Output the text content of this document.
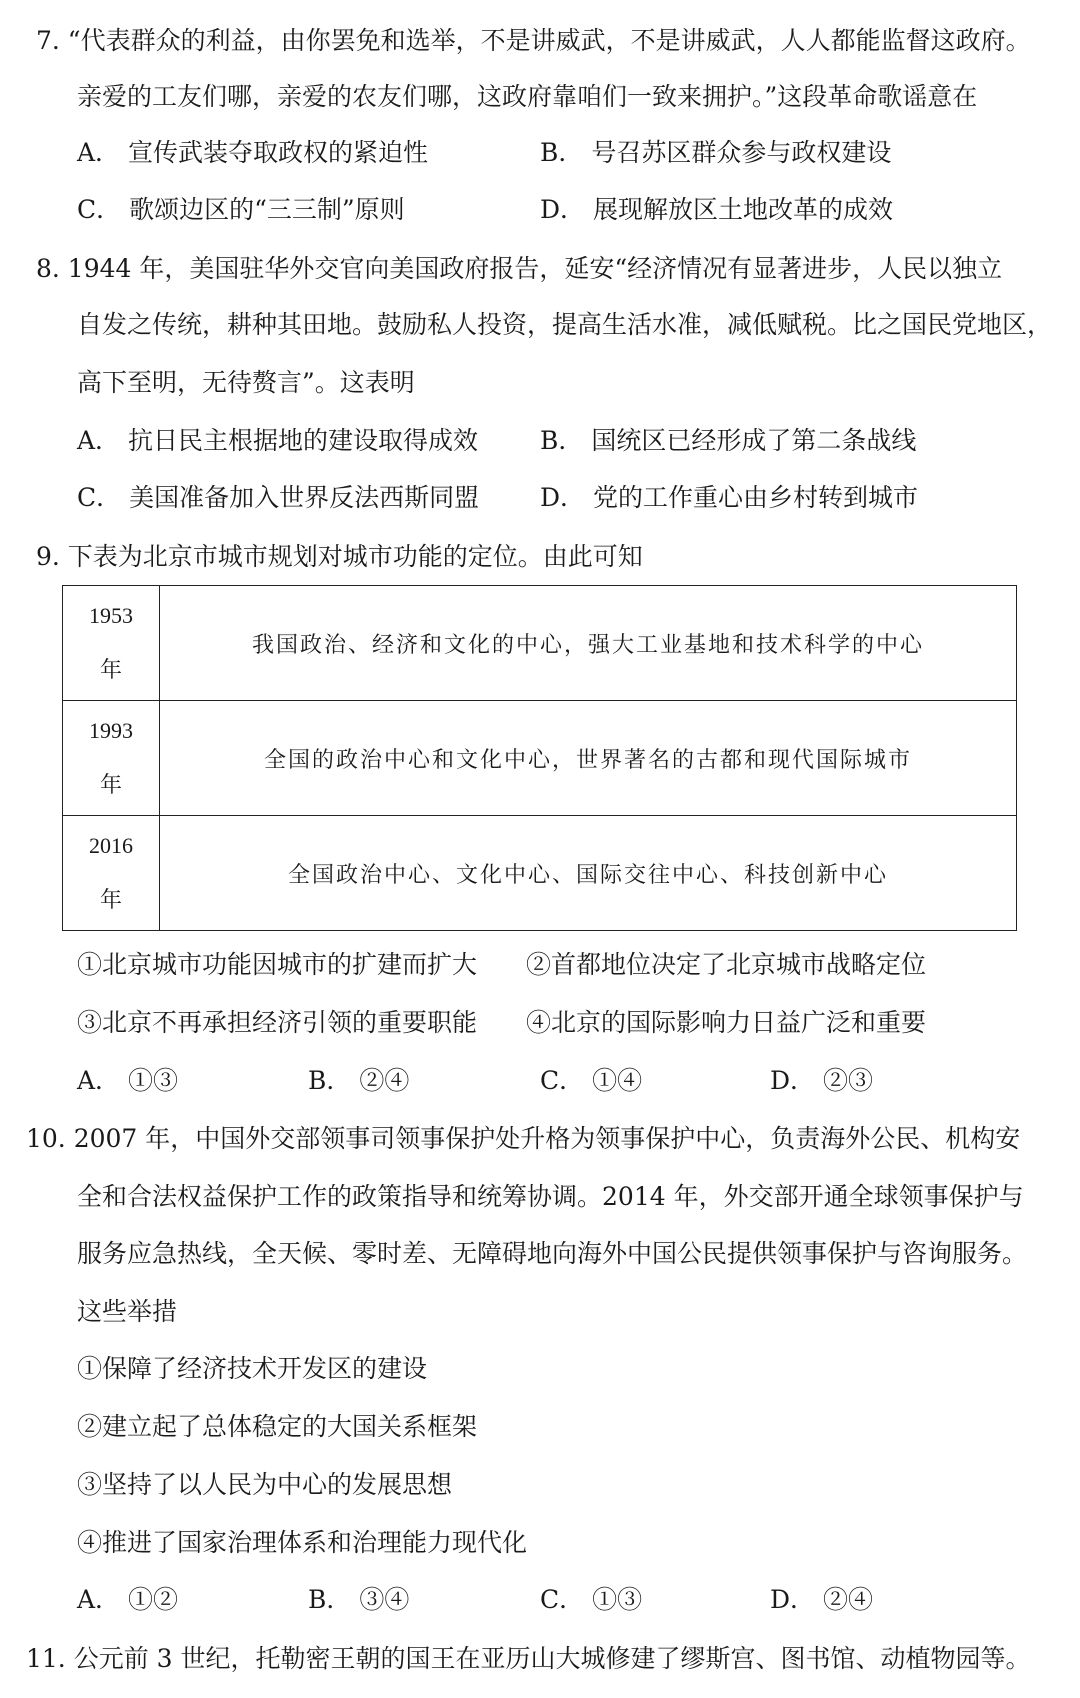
7. “代表群众的利益，由你罢免和选举，不是讲威武，不是讲威武，人人都能监督这政府。
亲爱的工友们哪，亲爱的农友们哪，这政府靠咱们一致来拥护。”这段革命歌谣意在
A． 宣传武装夺取政权的紧迫性	B． 号召苏区群众参与政权建设
C． 歌颂边区的“三三制”原则	D． 展现解放区土地改革的成效
8. 1944 年，美国驻华外交官向美国政府报告，延安“经济情况有显著进步，人民以独立
自发之传统，耕种其田地。鼓励私人投资，提高生活水准，减低赋税。比之国民党地区，
高下至明，无待赘言”。这表明
A． 抗日民主根据地的建设取得成效 B． 国统区已经形成了第二条战线
C． 美国准备加入世界反法西斯同盟 D． 党的工作重心由乡村转到城市
9. 下表为北京市城市规划对城市功能的定位。由此可知
1953
年	我国政治、经济和文化的中心，强大工业基地和技术科学的中心
1993
年	全国的政治中心和文化中心，世界著名的古都和现代国际城市
2016
年	全国政治中心、文化中心、国际交往中心、科技创新中心
①北京城市功能因城市的扩建而扩大 ②首都地位决定了北京城市战略定位
③北京不再承担经济引领的重要职能 ④北京的国际影响力日益广泛和重要
A． ①③	B． ②④	C． ①④	D． ②③
10. 2007 年，中国外交部领事司领事保护处升格为领事保护中心，负责海外公民、机构安
全和合法权益保护工作的政策指导和统筹协调。2014 年，外交部开通全球领事保护与
服务应急热线，全天候、零时差、无障碍地向海外中国公民提供领事保护与咨询服务。
这些举措
①保障了经济技术开发区的建设
②建立起了总体稳定的大国关系框架
③坚持了以人民为中心的发展思想
④推进了国家治理体系和治理能力现代化
A． ①②	B． ③④	C． ①③	D． ②④
11. 公元前 3 世纪，托勒密王朝的国王在亚历山大城修建了缪斯宫、图书馆、动植物园等。
